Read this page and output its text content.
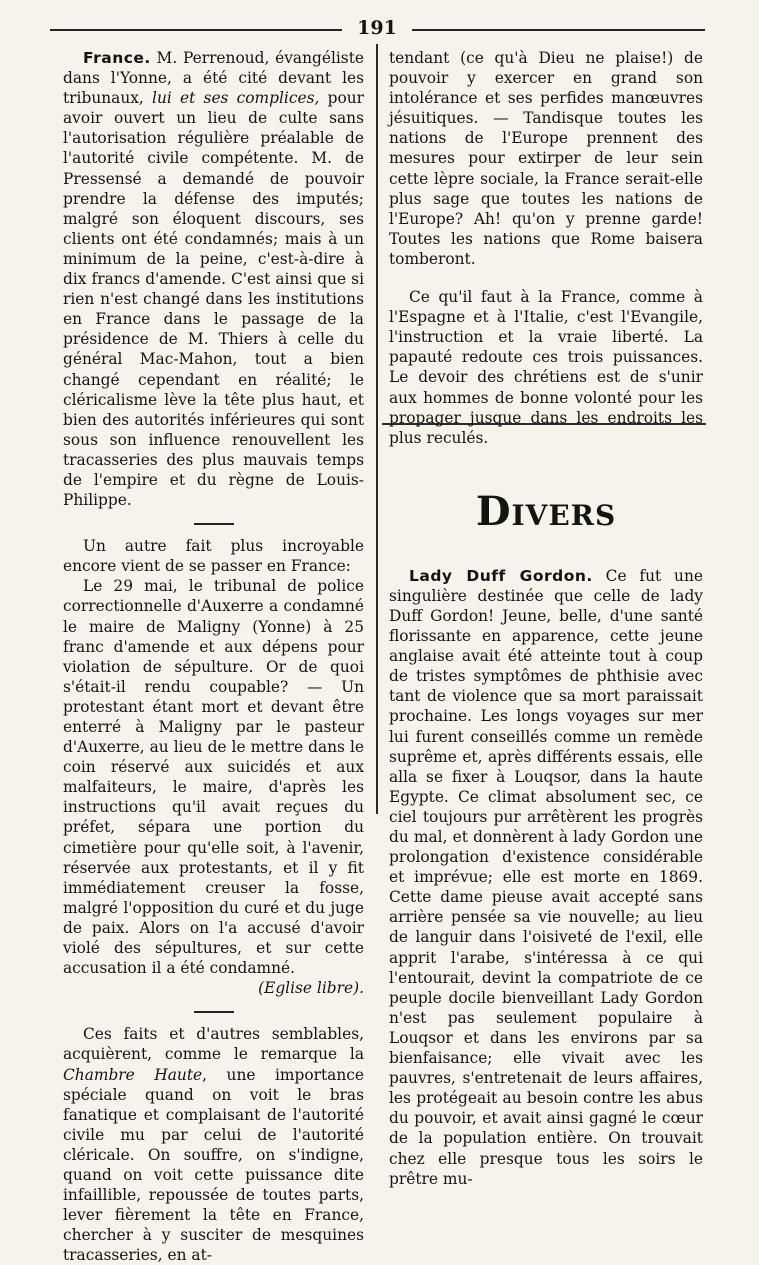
191

France. M. Perrenoud, évangéliste dans l'Yonne, a été cité devant les tribunaux, lui et ses complices, pour avoir ouvert un lieu de culte sans l'autorisation régulière préalable de l'autorité civile compétente. M. de Pressensé a demandé de pouvoir prendre la défense des imputés; malgré son éloquent discours, ses clients ont été condamnés; mais à un minimum de la peine, c'est-à-dire à dix francs d'amende. C'est ainsi que si rien n'est changé dans les institutions en France dans le passage de la présidence de M. Thiers à celle du général Mac-Mahon, tout a bien changé cependant en réalité; le cléricalisme lève la tête plus haut, et bien des autorités inférieures qui sont sous son influence renouvellent les tracasseries des plus mauvais temps de l'empire et du règne de Louis-Philippe.

Un autre fait plus incroyable encore vient de se passer en France:

Le 29 mai, le tribunal de police correctionnelle d'Auxerre a condamné le maire de Maligny (Yonne) à 25 franc d'amende et aux dépens pour violation de sépulture. Or de quoi s'était-il rendu coupable? — Un protestant étant mort et devant être enterré à Maligny par le pasteur d'Auxerre, au lieu de le mettre dans le coin réservé aux suicidés et aux malfaiteurs, le maire, d'après les instructions qu'il avait reçues du préfet, sépara une portion du cimetière pour qu'elle soit, à l'avenir, réservée aux protestants, et il y fit immédiatement creuser la fosse, malgré l'opposition du curé et du juge de paix. Alors on l'a accusé d'avoir violé des sépultures, et sur cette accusation il a été condamné.
(Eglise libre).

Ces faits et d'autres semblables, acquièrent, comme le remarque la Chambre Haute, une importance spéciale quand on voit le bras fanatique et complaisant de l'autorité civile mu par celui de l'autorité cléricale. On souffre, on s'indigne, quand on voit cette puissance dite infaillible, repoussée de toutes parts, lever fièrement la tête en France, chercher à y susciter de mesquines tracasseries, en at-

tendant (ce qu'à Dieu ne plaise!) de pouvoir y exercer en grand son intolérance et ses perfides manœuvres jésuitiques. — Tandisque toutes les nations de l'Europe prennent des mesures pour extirper de leur sein cette lèpre sociale, la France serait-elle plus sage que toutes les nations de l'Europe? Ah! qu'on y prenne garde! Toutes les nations que Rome baisera tomberont.

Ce qu'il faut à la France, comme à l'Espagne et à l'Italie, c'est l'Evangile, l'instruction et la vraie liberté. La papauté redoute ces trois puissances. Le devoir des chrétiens est de s'unir aux hommes de bonne volonté pour les propager jusque dans les endroits les plus reculés.

Divers

Lady Duff Gordon. Ce fut une singulière destinée que celle de lady Duff Gordon! Jeune, belle, d'une santé florissante en apparence, cette jeune anglaise avait été atteinte tout à coup de tristes symptômes de phthisie avec tant de violence que sa mort paraissait prochaine. Les longs voyages sur mer lui furent conseillés comme un remède suprême et, après différents essais, elle alla se fixer à Louqsor, dans la haute Egypte. Ce climat absolument sec, ce ciel toujours pur arrêtèrent les progrès du mal, et donnèrent à lady Gordon une prolongation d'existence considérable et imprévue; elle est morte en 1869. Cette dame pieuse avait accepté sans arrière pensée sa vie nouvelle; au lieu de languir dans l'oisiveté de l'exil, elle apprit l'arabe, s'intéressa à ce qui l'entourait, devint la compatriote de ce peuple docile bienveillant Lady Gordon n'est pas seulement populaire à Louqsor et dans les environs par sa bienfaisance; elle vivait avec les pauvres, s'entretenait de leurs affaires, les protégeait au besoin contre les abus du pouvoir, et avait ainsi gagné le cœur de la population entière. On trouvait chez elle presque tous les soirs le prêtre mu-
